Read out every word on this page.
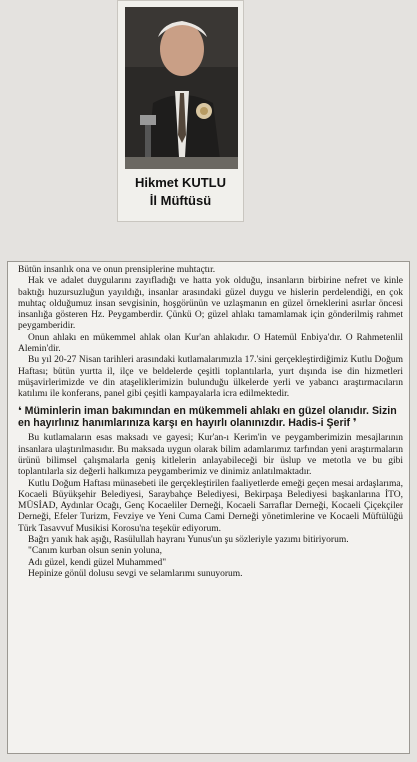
Hikmet KUTLU
İl Müftüsü

Bütün insanlık ona ve onun prensiplerine muhtaçtır.

Hak ve adalet duygularını zayıfladığı ve hatta yok olduğu, insanların birbirine nefret ve kinle baktığı huzursuzluğun yayıldığı, insanlar arasındaki güzel duygu ve hislerin perdelendiği, en çok muhtaç olduğumuz insan sevgisinin, hoşgörünün ve uzlaşmanın en güzel örneklerini asırlar öncesi insanlığa gösteren Hz. Peygamberdir. Çünkü O; güzel ahlakı tamamlamak için gönderilmiş rahmet peygamberidir.

Onun ahlakı en mükemmel ahlak olan Kur'an ahlakıdır. O Hatemül Enbiya'dır. O Rahmetenlil Alemin'dir.

Bu yıl 20-27 Nisan tarihleri arasındaki kutlamalarımızla 17.'sini gerçekleştirdiğimiz Kutlu Doğum Haftası; bütün yurtta il, ilçe ve beldelerde çeşitli toplantılarla, yurt dışında ise din hizmetleri müşavirlerimizde ve din ataşeliklerimizin bulunduğu ülkelerde yerli ve yabancı araştırmacıların katılımı ile konferans, panel gibi çeşitli kampayalarla icra edilmektedir.

❛ Müminlerin iman bakımından en mükemmeli ahlakı en güzel olanıdır. Sizin en hayırlınız hanımlarınıza karşı en hayırlı olanınızdır. Hadis-i Şerif ❜

Bu kutlamaların esas maksadı ve gayesi; Kur'an-ı Kerim'in ve peygamberimizin mesajlarının insanlara ulaştırılmasıdır. Bu maksada uygun olarak bilim adamlarımız tarfından yeni araştırmaların ürünü bilimsel çalışmalarla geniş kitlelerin anlayabileceği bir üslup ve metotla ve bu gibi toplantılarla siz değerli halkımıza peygamberimiz ve dinimiz anlatılmaktadır.

Kutlu Doğum Haftası münasebeti ile gerçekleştirilen faaliyetlerde emeği geçen mesai ardaşlarıma, Kocaeli Büyükşehir Belediyesi, Saraybahçe Belediyesi, Bekirpaşa Belediyesi başkanlarına İTO, MÜSİAD, Aydınlar Ocağı, Genç Kocaeliler Derneği, Kocaeli Sarraflar Derneği, Kocaeli Çiçekçiler Derneği, Efeler Turizm, Fevziye ve Yeni Cuma Cami Derneği yönetimlerine ve Kocaeli Müftülüğü Türk Tasavvuf Musikisi Korosu'na teşekür ediyorum.

Bağrı yanık hak aşığı, Rasülullah hayranı Yunus'un şu sözleriyle yazımı bitiriyorum.

"Canım kurban olsun senin yoluna,

Adı güzel, kendi güzel Muhammed"

Hepinize gönül dolusu sevgi ve selamlarımı sunuyorum.
